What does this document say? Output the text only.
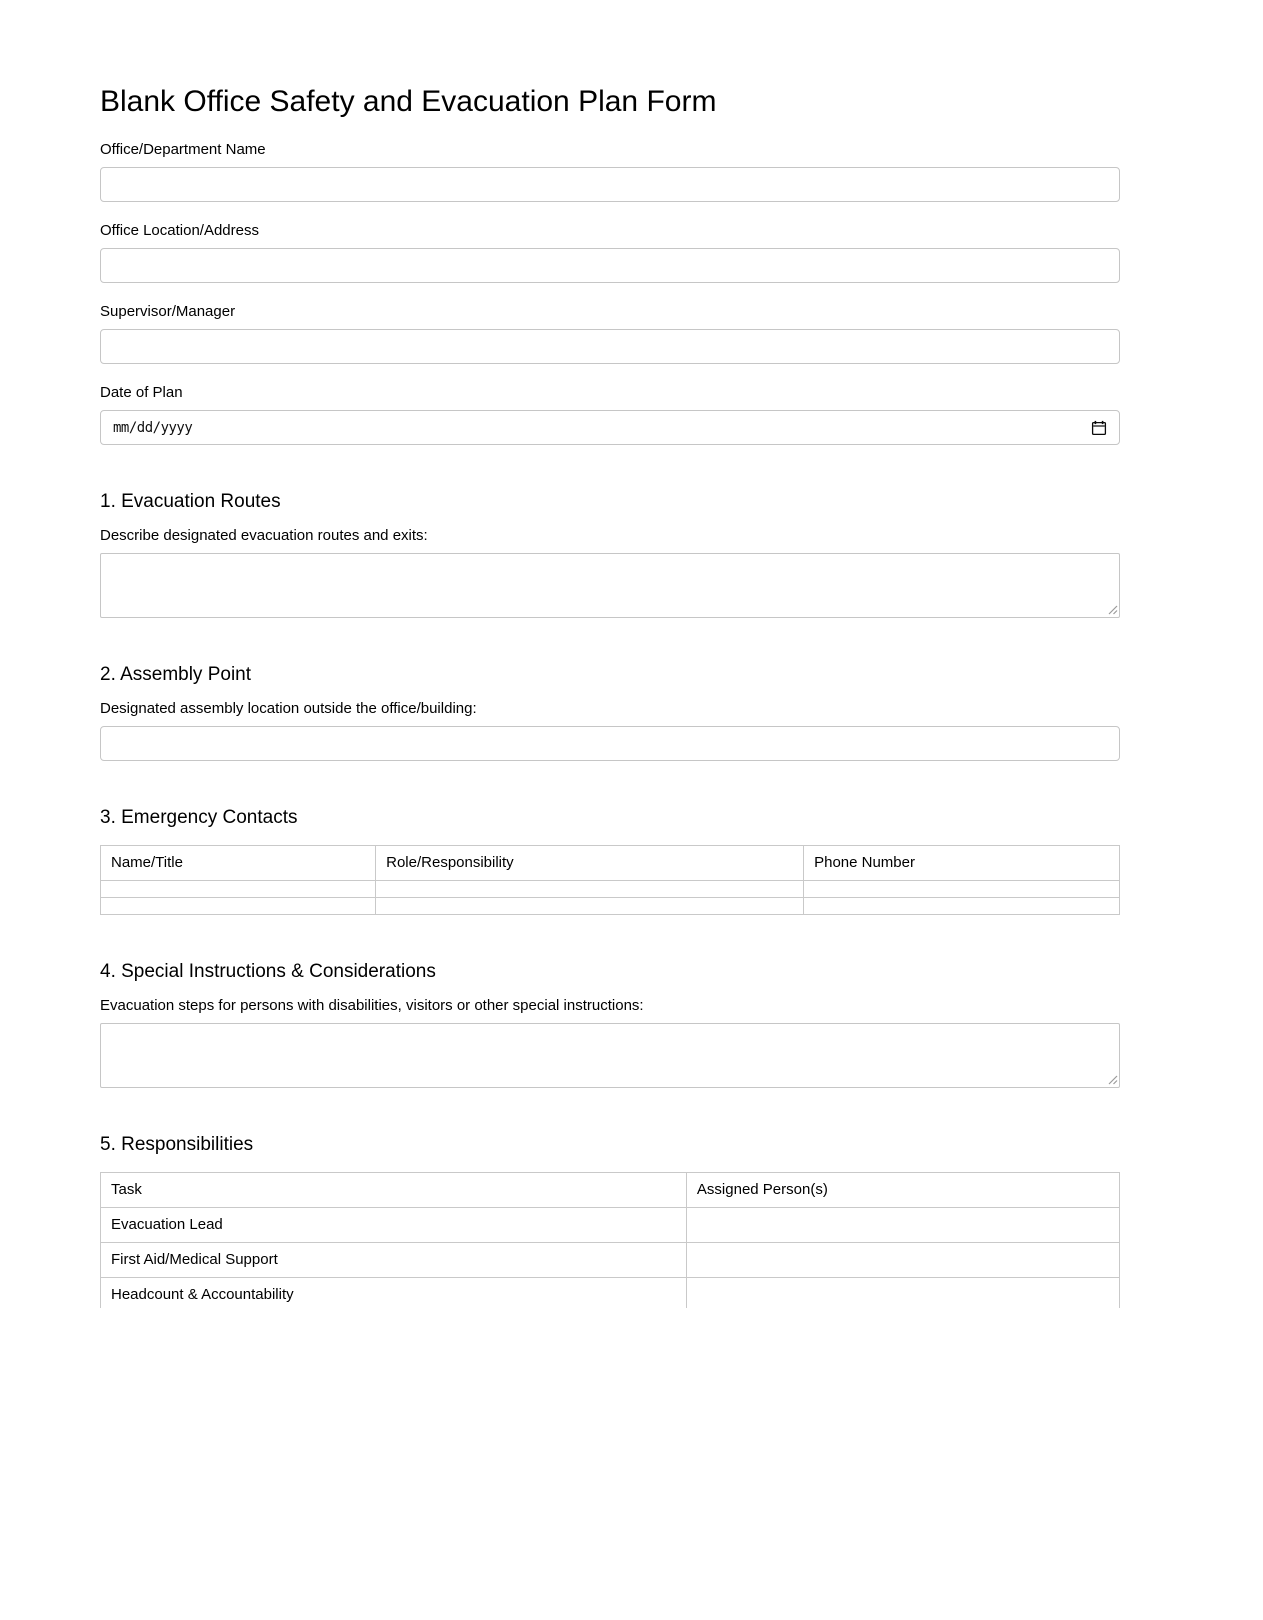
Blank Office Safety and Evacuation Plan Form
Office/Department Name
Office Location/Address
Supervisor/Manager
Date of Plan
mm/dd/yyyy
1. Evacuation Routes

Describe designated evacuation routes and exits:

2. Assembly Point

Designated assembly location outside the office/building:

3. Emergency Contacts
Name/Title	Role/Responsibility	Phone Number

4. Special Instructions & Considerations

Evacuation steps for persons with disabilities, visitors or other special instructions:

5. Responsibilities
Task	Assigned Person(s)
Evacuation Lead	
First Aid/Medical Support	
Headcount & Accountability	
